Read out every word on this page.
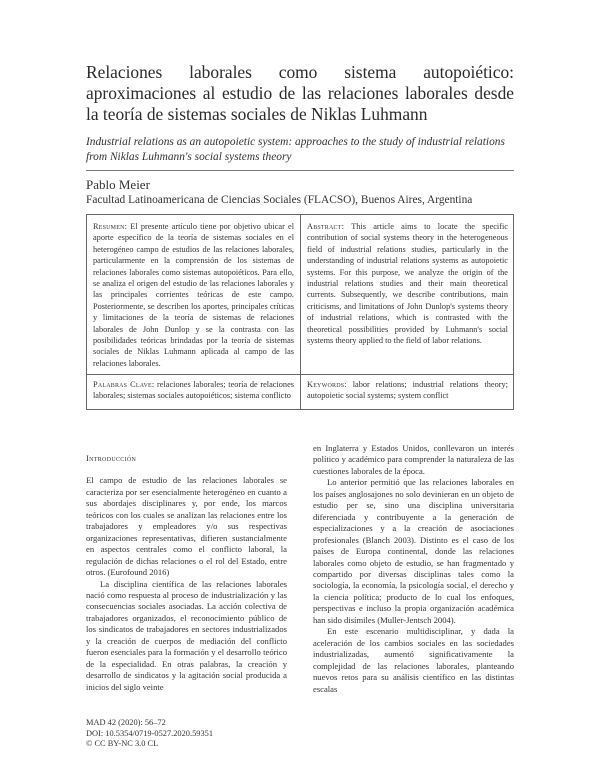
Relaciones laborales como sistema autopoiético: aproximaciones al estudio de las relaciones laborales desde la teoría de sistemas sociales de Niklas Luhmann
Industrial relations as an autopoietic system: approaches to the study of industrial relations from Niklas Luhmann's social systems theory
Pablo Meier
Facultad Latinoamericana de Ciencias Sociales (FLACSO), Buenos Aires, Argentina
Resumen: El presente artículo tiene por objetivo ubicar el aporte específico de la teoría de sistemas sociales en el heterogéneo campo de estudios de las relaciones laborales, particularmente en la comprensión de los sistemas de relaciones laborales como sistemas autopoiéticos. Para ello, se analiza el origen del estudio de las relaciones laborales y las principales corrientes teóricas de este campo. Posteriormente, se describen los aportes, principales críticas y limitaciones de la teoría de sistemas de relaciones laborales de John Dunlop y se la contrasta con las posibilidades teóricas brindadas por la teoría de sistemas sociales de Niklas Luhmann aplicada al campo de las relaciones laborales.
Abstract: This article aims to locate the specific contribution of social systems theory in the heterogeneous field of industrial relations studies, particularly in the understanding of industrial relations systems as autopoietic systems. For this purpose, we analyze the origin of the industrial relations studies and their main theoretical currents. Subsequently, we describe contributions, main criticisms, and limitations of John Dunlop's systems theory of industrial relations, which is contrasted with the theoretical possibilities provided by Luhmann's social systems theory applied to the field of labor relations.
Palabras Clave: relaciones laborales; teoría de relaciones laborales; sistemas sociales autopoiéticos; sistema conflicto
Keywords: labor relations; industrial relations theory; autopoietic social systems; system conflict

Introducción

El campo de estudio de las relaciones laborales se caracteriza por ser esencialmente heterogéneo en cuanto a sus abordajes disciplinares y, por ende, los marcos teóricos con los cuales se analizan las relaciones entre los trabajadores y empleadores y/o sus respectivas organizaciones representativas, difieren sustancialmente en aspectos centrales como el conflicto laboral, la regulación de dichas relaciones o el rol del Estado, entre otros. (Eurofound 2016)

La disciplina científica de las relaciones laborales nació como respuesta al proceso de industrialización y las consecuencias sociales asociadas. La acción colectiva de trabajadores organizados, el reconocimiento público de los sindicatos de trabajadores en sectores industrializados y la creación de cuerpos de mediación del conflicto fueron esenciales para la formación y el desarrollo teórico de la especialidad. En otras palabras, la creación y desarrollo de sindicatos y la agitación social producida a inicios del siglo veinte

en Inglaterra y Estados Unidos, conllevaron un interés político y académico para comprender la naturaleza de las cuestiones laborales de la época.

Lo anterior permitió que las relaciones laborales en los países anglosajones no solo devinieran en un objeto de estudio per se, sino una disciplina universitaria diferenciada y contribuyente a la generación de especializaciones y a la creación de asociaciones profesionales (Blanch 2003). Distinto es el caso de los países de Europa continental, donde las relaciones laborales como objeto de estudio, se han fragmentado y compartido por diversas disciplinas tales como la sociología, la economía, la psicología social, el derecho y la ciencia política; producto de lo cual los enfoques, perspectivas e incluso la propia organización académica han sido disímiles (Muller-Jentsch 2004).

En este escenario multidisciplinar, y dada la aceleración de los cambios sociales en las sociedades industrializadas, aumentó significativamente la complejidad de las relaciones laborales, planteando nuevos retos para su análisis científico en las distintas escalas

MAD 42 (2020): 56–72
DOI: 10.5354/0719-0527.2020.59351
© CC BY-NC 3.0 CL
